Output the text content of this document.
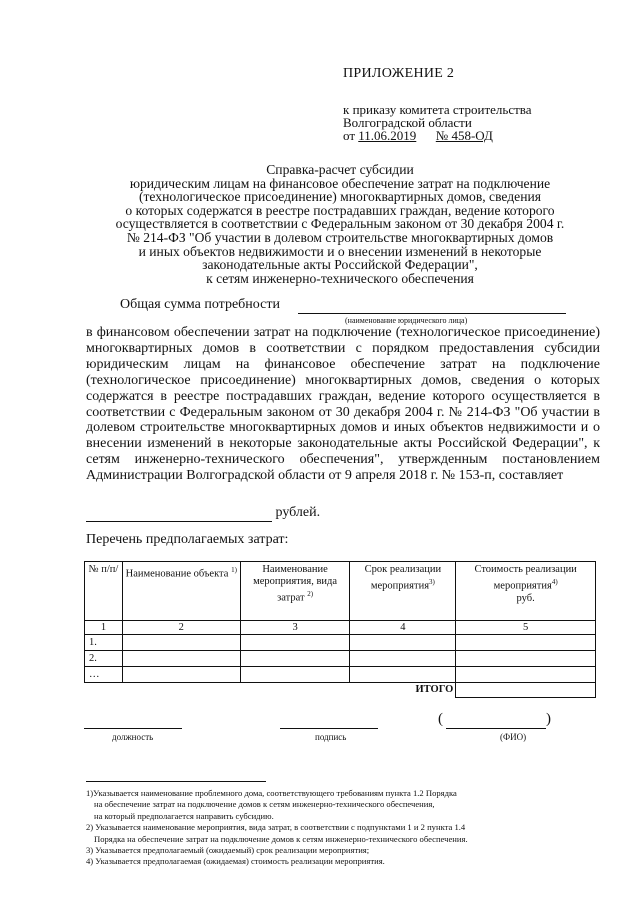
ПРИЛОЖЕНИЕ 2
к приказу комитета строительства
Волгоградской области
от 11.06.2019 № 458-ОД
Справка-расчет субсидии
юридическим лицам на финансовое обеспечение затрат на подключение
(технологическое присоединение) многоквартирных домов, сведения
о которых содержатся в реестре пострадавших граждан, ведение которого
осуществляется в соответствии с Федеральным законом от 30 декабря 2004 г.
№ 214-ФЗ "Об участии в долевом строительстве многоквартирных домов
и иных объектов недвижимости и о внесении изменений в некоторые
законодательные акты Российской Федерации",
к сетям инженерно-технического обеспечения
Общая сумма потребности
(наименование юридического лица)

в финансовом обеспечении затрат на подключение (технологическое присоединение) многоквартирных домов в соответствии с порядком предоставления субсидии юридическим лицам на финансовое обеспечение затрат на подключение (технологическое присоединение) многоквартирных домов, сведения о которых содержатся в реестре пострадавших граждан, ведение которого осуществляется в соответствии с Федеральным законом от 30 декабря 2004 г. № 214-ФЗ "Об участии в долевом строительстве многоквартирных домов и иных объектов недвижимости и о внесении изменений в некоторые законодательные акты Российской Федерации", к сетям инженерно-технического обеспечения", утвержденным постановлением Администрации Волгоградской области от 9 апреля 2018 г. № 153-п, составляет

рублей.
Перечень предполагаемых затрат:
№ п/п/	Наименование объекта $^{1)}$	Наименование мероприятия, вида затрат $^{2)}$	Срок реализации мероприятия$^{3)}$	Стоимость реализации мероприятия$^{4)}$
руб.
1	2	3	4	5
1.				
2.				
…				
			ИТОГО	
должность	подпись
(	)
(ФИО)

1)Указывается наименование проблемного дома, соответствующего требованиям пункта 1.2 Порядка

на обеспечение затрат на подключение домов к сетям инженерно-технического обеспечения,

на который предполагается направить субсидию.

2) Указывается наименование мероприятия, вида затрат, в соответствии с подпунктами 1 и 2 пункта 1.4

Порядка на обеспечение затрат на подключение домов к сетям инженерно-технического обеспечения.

3) Указывается предполагаемый (ожидаемый) срок реализации мероприятия;

4) Указывается предполагаемая (ожидаемая) стоимость реализации мероприятия.
